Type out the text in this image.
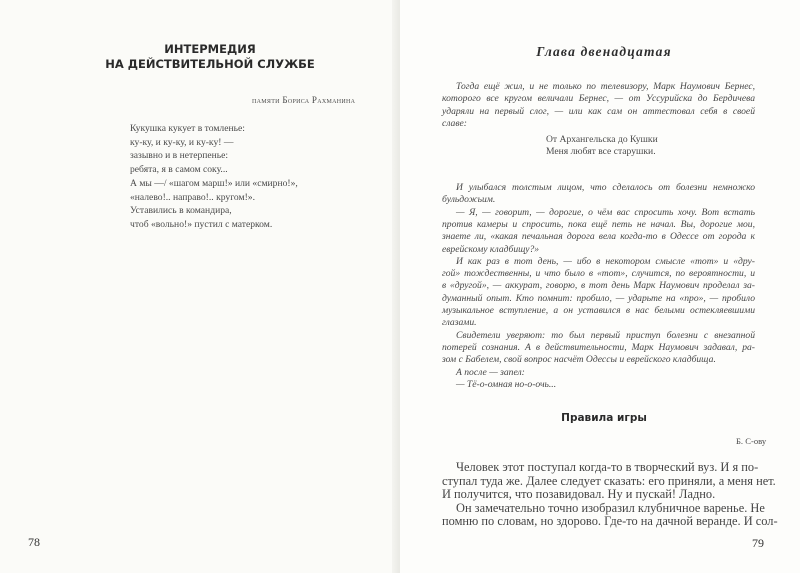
ИНТЕРМЕДИЯ
НА ДЕЙСТВИТЕЛЬНОЙ СЛУЖБЕ
памяти Бориса Рахманина
Кукушка кукует в томленье:
ку-ку, и ку-ку, и ку-ку! —
зазывно и в нетерпенье:
ребята, я в самом соку...
А мы —/ «шагом марш!» или «смирно!»,
«налево!.. направо!.. кругом!».
Уставились в командира,
чтоб «вольно!» пустил с матерком.
78
Глава двенадцатая
Тогда ещё жил, и не только по телевизору, Марк Наумович Бернес,
которого все кругом величали Бернес, — от Уссурийска до Бердичева
ударяли на первый слог, — или как сам он аттестовал себя в своей
славе:
От Архангельска до Кушки
Меня любят все старушки.
И улыбался толстым лицом, что сделалось от болезни немножко
бульдожьим.
— Я, — говорит, — дорогие, о чём вас спросить хочу. Вот встать
против камеры и спросить, пока ещё петь не начал. Вы, дорогие мои,
знаете ли, «какая печальная дорога вела когда-то в Одессе от города к
еврейскому кладбищу?»
И как раз в тот день, — ибо в некотором смысле «тот» и «дру-
гой» тождественны, и что было в «тот», случится, по вероятности, и
в «другой», — аккурат, говорю, в тот день Марк Наумович проделал за-
думанный опыт. Кто помнит: пробило, — ударьте на «про», — пробило
музыкальное вступление, а он уставился в нас белыми остекляевшими
глазами.
Свидетели уверяют: то был первый приступ болезни с внезапной
потерей сознания. А в действительности, Марк Наумович задавал, ра-
зом с Бабелем, свой вопрос насчёт Одессы и еврейского кладбища.
А после — запел:
— Тё-о-омная но-о-очь...
Правила игры
Б. С-ову
Человек этот поступал когда-то в творческий вуз. И я по-
ступал туда же. Далее следует сказать: его приняли, а меня нет.
И получится, что позавидовал. Ну и пускай! Ладно.
Он замечательно точно изобразил клубничное варенье. Не
помню по словам, но здорово. Где-то на дачной веранде. И сол-
79
